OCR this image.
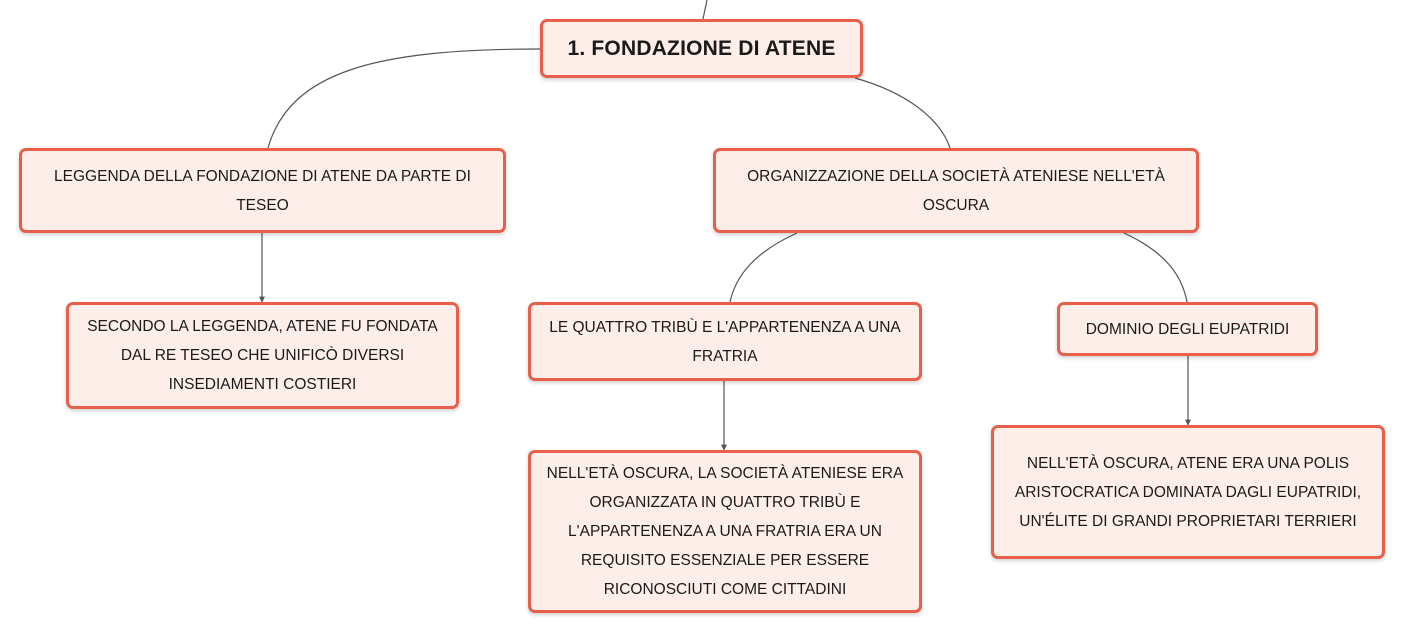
1. FONDAZIONE DI ATENE
LEGGENDA DELLA FONDAZIONE DI ATENE DA PARTE DI TESEO
ORGANIZZAZIONE DELLA SOCIETÀ ATENIESE NELL'ETÀ OSCURA
SECONDO LA LEGGENDA, ATENE FU FONDATA DAL RE TESEO CHE UNIFICÒ DIVERSI INSEDIAMENTI COSTIERI
LE QUATTRO TRIBÙ E L'APPARTENENZA A UNA FRATRIA
DOMINIO DEGLI EUPATRIDI
NELL'ETÀ OSCURA, LA SOCIETÀ ATENIESE ERA ORGANIZZATA IN QUATTRO TRIBÙ E L'APPARTENENZA A UNA FRATRIA ERA UN REQUISITO ESSENZIALE PER ESSERE RICONOSCIUTI COME CITTADINI
NELL'ETÀ OSCURA, ATENE ERA UNA POLIS ARISTOCRATICA DOMINATA DAGLI EUPATRIDI, UN'ÉLITE DI GRANDI PROPRIETARI TERRIERI
